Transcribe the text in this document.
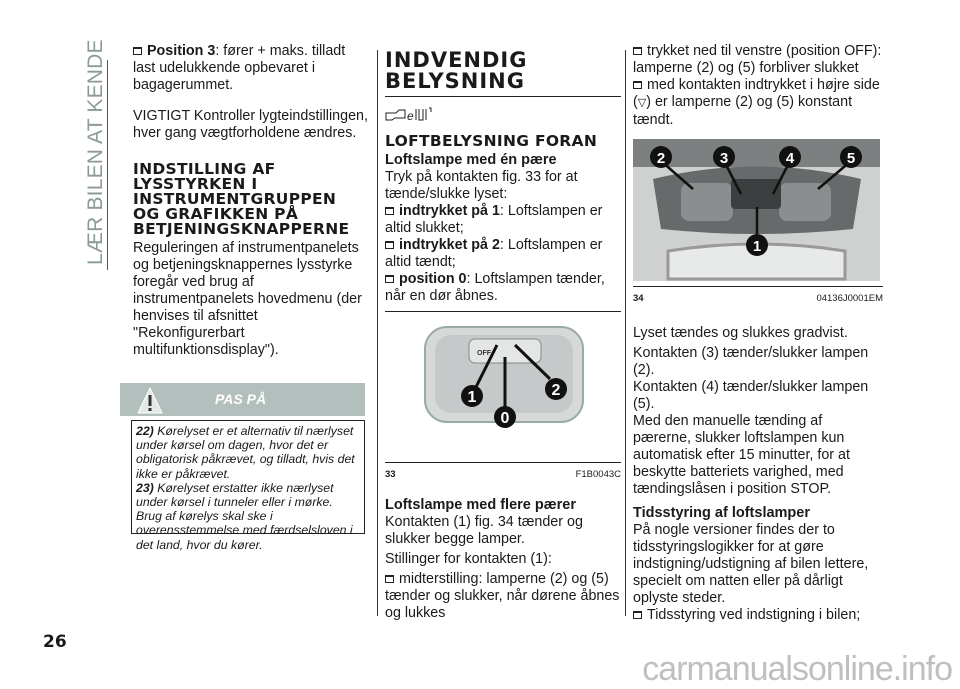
LÆR BILEN AT KENDE	Position 3: fører + maks. tilladt last udelukkende opbevaret i bagagerummet.

VIGTIGT Kontroller lygteindstillingen, hver gang vægtforholdene ændres.

INDSTILLING AF LYSSTYRKEN I INSTRUMENTGRUPPEN OG GRAFIKKEN PÅ BETJENINGSKNAPPERNE

Reguleringen af instrumentpanelets og betjeningsknappernes lysstyrke foregår ved brug af instrumentpanelets hovedmenu (der henvises til afsnittet "Rekonfigurerbart multifunktionsdisplay").

PAS PÅ

22) Kørelyset er et alternativ til nærlyset under kørsel om dagen, hvor det er obligatorisk påkrævet, og tilladt, hvis det ikke er påkrævet.

23) Kørelyset erstatter ikke nærlyset under kørsel i tunneler eller i mørke. Brug af kørelys skal ske i overensstemmelse med færdselsloven i det land, hvor du kører.

INDVENDIG BELYSNING
e
LOFTBELYSNING FORAN
Loftslampe med én pære

Tryk på kontakten fig. 33 for at tænde/slukke lyset:

indtrykket på 1: Loftslampen er altid slukket;

indtrykket på 2: Loftslampen er altid tændt;

position 0: Loftslampen tænder, når en dør åbnes.

OFF
1
0
2
33	F1B0043C
Loftslampe med flere pærer

Kontakten (1) fig. 34 tænder og slukker begge lamper.

Stillinger for kontakten (1):

midterstilling: lamperne (2) og (5) tænder og slukker, når dørene åbnes og lukkes

trykket ned til venstre (position OFF): lamperne (2) og (5) forbliver slukket

med kontakten indtrykket i højre side (▽) er lamperne (2) og (5) konstant tændt.

2	3	4	5
1
34	04136J0001EM

Lyset tændes og slukkes gradvist.

Kontakten (3) tænder/slukker lampen (2).

Kontakten (4) tænder/slukker lampen (5).

Med den manuelle tænding af pærerne, slukker loftslampen kun automatisk efter 15 minutter, for at beskytte batteriets varighed, med tændingslåsen i position STOP.

Tidsstyring af loftslamper

På nogle versioner findes der to tidsstyringslogikker for at gøre indstigning/udstigning af bilen lettere, specielt om natten eller på dårligt oplyste steder.

Tidsstyring ved indstigning i bilen;

26
carmanualsonline.info
